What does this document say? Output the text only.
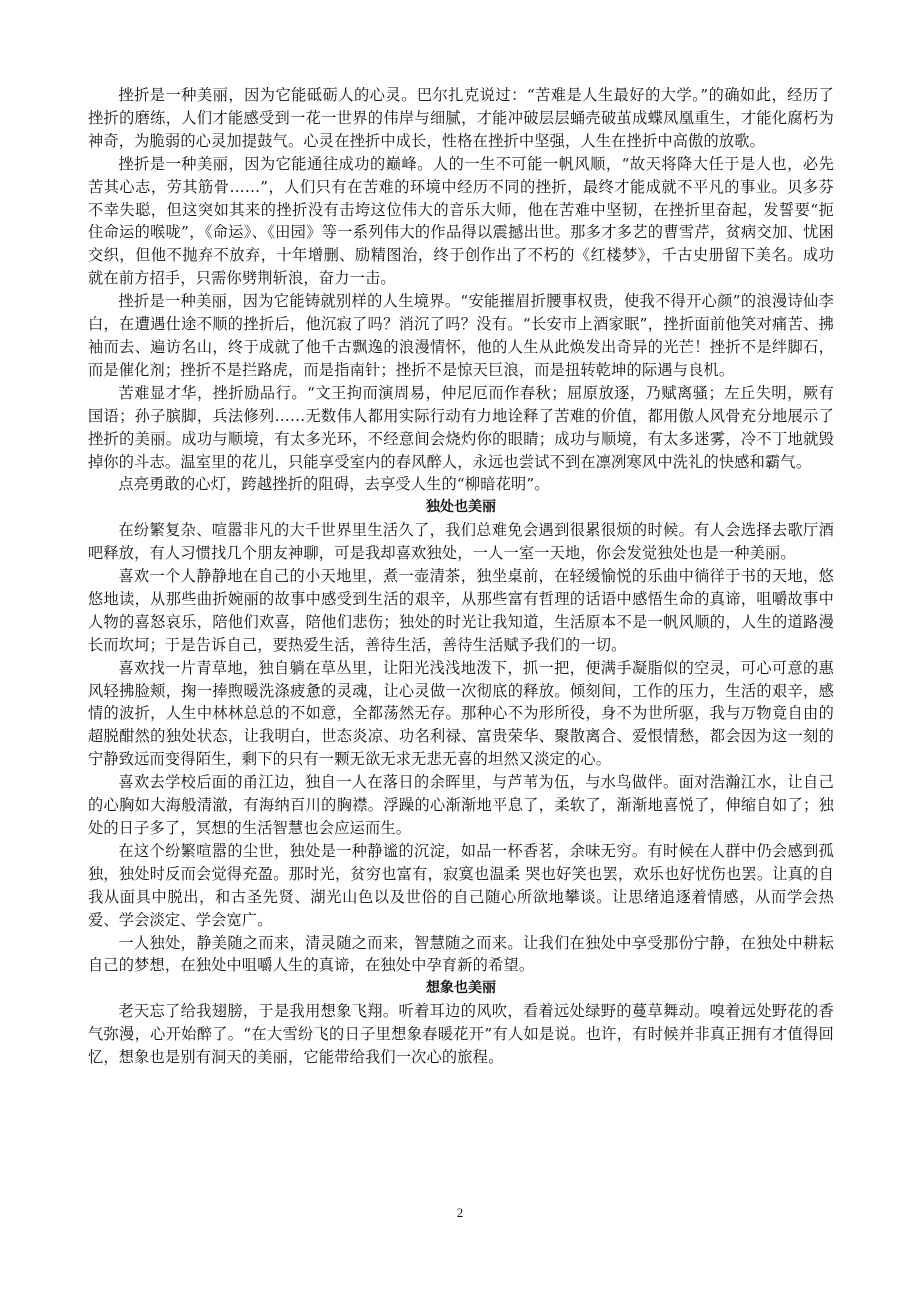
挫折是一种美丽，因为它能砥砺人的心灵。巴尔扎克说过：“苦难是人生最好的大学。”的确如此，经历了挫折的磨练，人们才能感受到一花一世界的伟岸与细腻，才能冲破层层蛹壳破茧成蝶凤凰重生，才能化腐朽为神奇，为脆弱的心灵加提鼓气。心灵在挫折中成长，性格在挫折中坚强，人生在挫折中高傲的放歌。

挫折是一种美丽，因为它能通往成功的巅峰。人的一生不可能一帆风顺，“故天将降大任于是人也，必先苦其心志，劳其筋骨……”，人们只有在苦难的环境中经历不同的挫折，最终才能成就不平凡的事业。贝多芬不幸失聪，但这突如其来的挫折没有击垮这位伟大的音乐大师，他在苦难中坚韧，在挫折里奋起，发誓要“扼住命运的喉咙”，《命运》、《田园》等一系列伟大的作品得以震撼出世。那多才多艺的曹雪芹，贫病交加、忧困交织，但他不抛弃不放弃，十年增删、励精图治，终于创作出了不朽的《红楼梦》，千古史册留下美名。成功就在前方招手，只需你劈荆斩浪，奋力一击。

挫折是一种美丽，因为它能铸就别样的人生境界。“安能摧眉折腰事权贵，使我不得开心颜”的浪漫诗仙李白，在遭遇仕途不顺的挫折后，他沉寂了吗？消沉了吗？没有。“长安市上酒家眠”，挫折面前他笑对痛苦、拂袖而去、遍访名山，终于成就了他千古飘逸的浪漫情怀，他的人生从此焕发出奇异的光芒！挫折不是绊脚石，而是催化剂；挫折不是拦路虎，而是指南针；挫折不是惊天巨浪，而是扭转乾坤的际遇与良机。

苦难显才华，挫折励品行。“文王拘而演周易，仲尼厄而作春秋；屈原放逐，乃赋离骚；左丘失明，厥有国语；孙子膑脚，兵法修列……无数伟人都用实际行动有力地诠释了苦难的价值，都用傲人风骨充分地展示了挫折的美丽。成功与顺境，有太多光环，不经意间会烧灼你的眼睛；成功与顺境，有太多迷雾，冷不丁地就毁掉你的斗志。温室里的花儿，只能享受室内的春风醉人，永远也尝试不到在凛冽寒风中洗礼的快感和霸气。

点亮勇敢的心灯，跨越挫折的阻碍，去享受人生的“柳暗花明”。

独处也美丽

在纷繁复杂、喧嚣非凡的大千世界里生活久了，我们总难免会遇到很累很烦的时候。有人会选择去歌厅酒吧释放，有人习惯找几个朋友神聊，可是我却喜欢独处，一人一室一天地，你会发觉独处也是一种美丽。

喜欢一个人静静地在自己的小天地里，煮一壶清茶，独坐桌前，在轻缓愉悦的乐曲中徜徉于书的天地，悠悠地读，从那些曲折婉丽的故事中感受到生活的艰辛，从那些富有哲理的话语中感悟生命的真谛，咀嚼故事中人物的喜怒哀乐，陪他们欢喜，陪他们悲伤；独处的时光让我知道，生活原本不是一帆风顺的，人生的道路漫长而坎坷；于是告诉自己，要热爱生活，善待生活，善待生活赋予我们的一切。

喜欢找一片青草地，独自躺在草丛里，让阳光浅浅地泼下，抓一把，便满手凝脂似的空灵，可心可意的惠风轻拂脸颊，掬一捧煦暖洗涤疲惫的灵魂，让心灵做一次彻底的释放。倾刻间，工作的压力，生活的艰辛，感情的波折，人生中林林总总的不如意，全都荡然无存。那种心不为形所役，身不为世所驱，我与万物竟自由的超脱酣然的独处状态，让我明白，世态炎凉、功名利禄、富贵荣华、聚散离合、爱恨情愁，都会因为这一刻的宁静致远而变得陌生，剩下的只有一颗无欲无求无悲无喜的坦然又淡定的心。

喜欢去学校后面的甬江边，独自一人在落日的余晖里，与芦苇为伍，与水鸟做伴。面对浩瀚江水，让自己的心胸如大海般清澈，有海纳百川的胸襟。浮躁的心渐渐地平息了，柔软了，渐渐地喜悦了，伸缩自如了；独处的日子多了，冥想的生活智慧也会应运而生。

在这个纷繁喧嚣的尘世，独处是一种静谧的沉淀，如品一杯香茗，余味无穷。有时候在人群中仍会感到孤独，独处时反而会觉得充盈。那时光，贫穷也富有，寂寞也温柔 哭也好笑也罢，欢乐也好忧伤也罢。让真的自我从面具中脱出，和古圣先贤、湖光山色以及世俗的自己随心所欲地攀谈。让思绪追逐着情感，从而学会热爱、学会淡定、学会宽广。

一人独处，静美随之而来，清灵随之而来，智慧随之而来。让我们在独处中享受那份宁静，在独处中耕耘自己的梦想，在独处中咀嚼人生的真谛，在独处中孕育新的希望。

想象也美丽

老天忘了给我翅膀，于是我用想象飞翔。听着耳边的风吹，看着远处绿野的蔓草舞动。嗅着远处野花的香气弥漫，心开始醉了。“在大雪纷飞的日子里想象春暖花开”有人如是说。也许，有时候并非真正拥有才值得回忆，想象也是别有洞天的美丽，它能带给我们一次心的旅程。

2
